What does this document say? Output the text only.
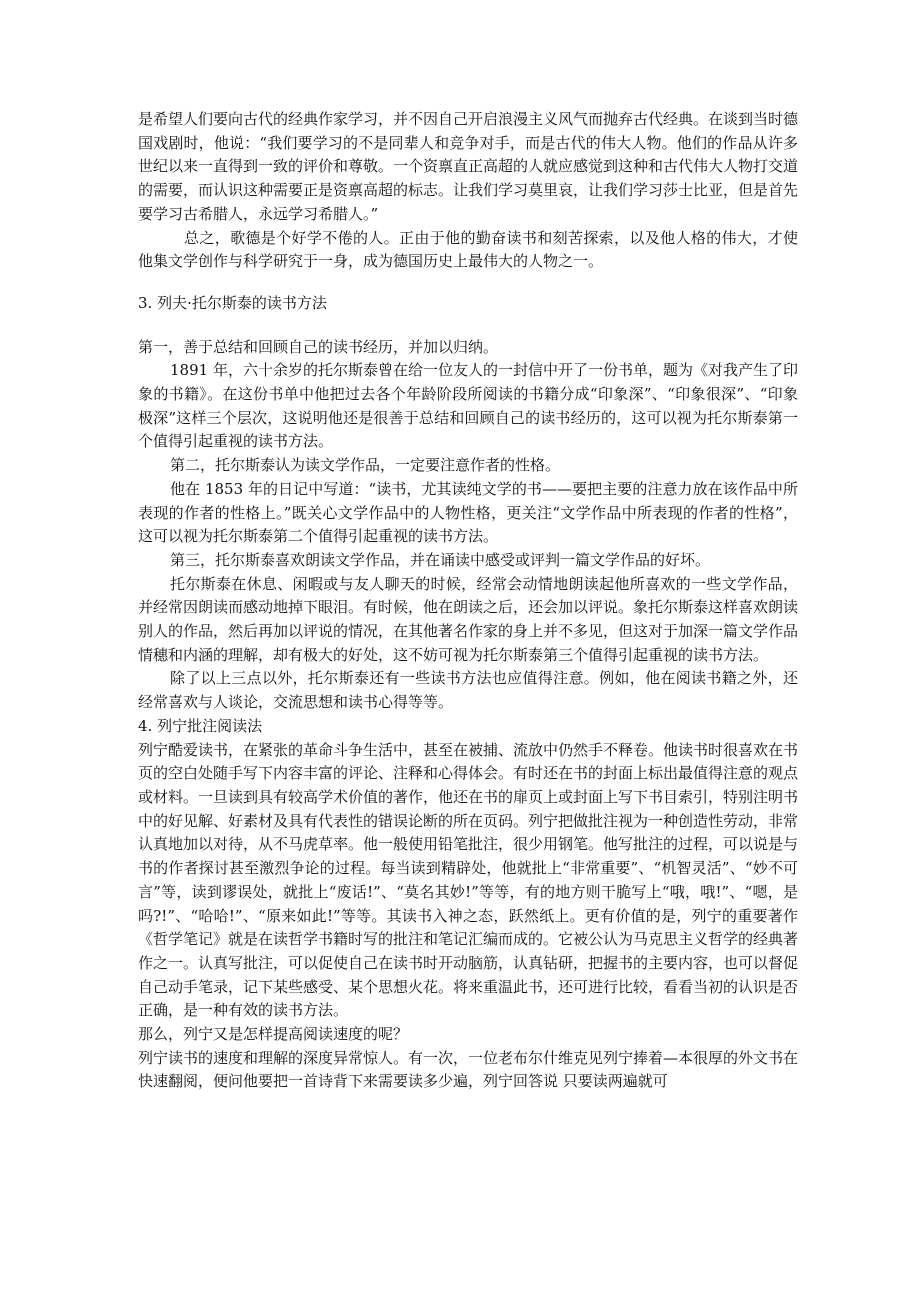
是希望人们要向古代的经典作家学习，并不因自己开启浪漫主义风气而抛弃古代经典。在谈到当时德国戏剧时，他说：“我们要学习的不是同辈人和竞争对手，而是古代的伟大人物。他们的作品从许多世纪以来一直得到一致的评价和尊敬。一个资禀直正高超的人就应感觉到这种和古代伟大人物打交道的需要，而认识这种需要正是资禀高超的标志。让我们学习莫里哀，让我们学习莎士比亚，但是首先要学习古希腊人，永远学习希腊人。”

总之，歌德是个好学不倦的人。正由于他的勤奋读书和刻苦探索，以及他人格的伟大，才使他集文学创作与科学研究于一身，成为德国历史上最伟大的人物之一。

3. 列夫·托尔斯泰的读书方法

第一，善于总结和回顾自己的读书经历，并加以归纳。

1891 年，六十余岁的托尔斯泰曾在给一位友人的一封信中开了一份书单，题为《对我产生了印象的书籍》。在这份书单中他把过去各个年龄阶段所阅读的书籍分成“印象深”、“印象很深”、“印象极深”这样三个层次，这说明他还是很善于总结和回顾自己的读书经历的，这可以视为托尔斯泰第一个值得引起重视的读书方法。

第二，托尔斯泰认为读文学作品，一定要注意作者的性格。

他在 1853 年的日记中写道：“读书，尤其读纯文学的书——要把主要的注意力放在该作品中所表现的作者的性格上。”既关心文学作品中的人物性格，更关注“文学作品中所表现的作者的性格”，这可以视为托尔斯泰第二个值得引起重视的读书方法。

第三，托尔斯泰喜欢朗读文学作品，并在诵读中感受或评判一篇文学作品的好坏。

托尔斯泰在休息、闲暇或与友人聊天的时候，经常会动情地朗读起他所喜欢的一些文学作品，并经常因朗读而感动地掉下眼泪。有时候，他在朗读之后，还会加以评说。象托尔斯泰这样喜欢朗读别人的作品，然后再加以评说的情况，在其他著名作家的身上并不多见，但这对于加深一篇文学作品情穗和内涵的理解，却有极大的好处，这不妨可视为托尔斯泰第三个值得引起重视的读书方法。

除了以上三点以外，托尔斯泰还有一些读书方法也应值得注意。例如，他在阅读书籍之外，还经常喜欢与人谈论，交流思想和读书心得等等。

4. 列宁批注阅读法

列宁酷爱读书，在紧张的革命斗争生活中，甚至在被捕、流放中仍然手不释卷。他读书时很喜欢在书页的空白处随手写下内容丰富的评论、注释和心得体会。有时还在书的封面上标出最值得注意的观点或材料。一旦读到具有较高学术价值的著作，他还在书的扉页上或封面上写下书目索引，特别注明书中的好见解、好素材及具有代表性的错误论断的所在页码。列宁把做批注视为一种创造性劳动，非常认真地加以对待，从不马虎草率。他一般使用铅笔批注，很少用钢笔。他写批注的过程，可以说是与书的作者探讨甚至激烈争论的过程。每当读到精辟处，他就批上“非常重要”、“机智灵活”、“妙不可言”等，读到谬误处，就批上“废话!”、“莫名其妙!”等等，有的地方则干脆写上“哦，哦!”、“嗯，是吗?!”、“哈哈!”、“原来如此!”等等。其读书入神之态，跃然纸上。更有价值的是，列宁的重要著作《哲学笔记》就是在读哲学书籍时写的批注和笔记汇编而成的。它被公认为马克思主义哲学的经典著作之一。认真写批注，可以促使自己在读书时开动脑筋，认真钻研，把握书的主要内容，也可以督促自己动手笔录，记下某些感受、某个思想火花。将来重温此书，还可进行比较，看看当初的认识是否正确，是一种有效的读书方法。

那么，列宁又是怎样提高阅读速度的呢？

列宁读书的速度和理解的深度异常惊人。有一次，一位老布尔什维克见列宁捧着—本很厚的外文书在快速翻阅，便问他要把一首诗背下来需要读多少遍，列宁回答说 只要读两遍就可
